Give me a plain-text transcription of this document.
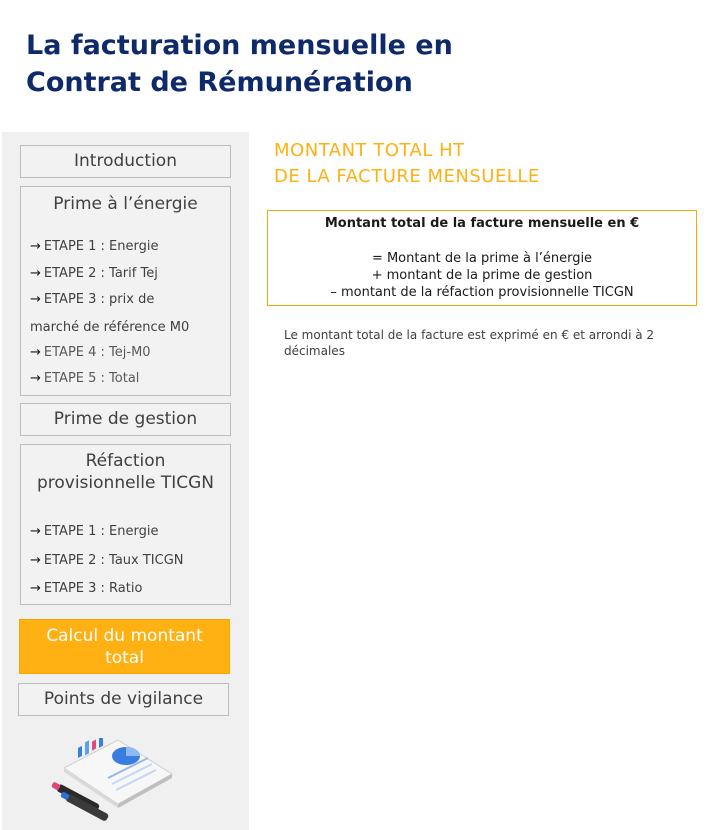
La facturation mensuelle en
Contrat de Rémunération
Introduction
Prime à l’énergie
→ ETAPE 1 : Energie
→ ETAPE 2 : Tarif Tej
→ ETAPE 3 : prix de
marché de référence M0
→ ETAPE 4 : Tej-M0
→ ETAPE 5 : Total
Prime de gestion
Réfaction
provisionnelle TICGN
→ ETAPE 1 : Energie
→ ETAPE 2 : Taux TICGN
→ ETAPE 3 : Ratio
Calcul du montant
total
Points de vigilance
MONTANT TOTAL HT
DE LA FACTURE MENSUELLE
Montant total de la facture mensuelle en €
= Montant de la prime à l’énergie
+ montant de la prime de gestion
– montant de la réfaction provisionnelle TICGN
Le montant total de la facture est exprimé en € et arrondi à 2 décimales
